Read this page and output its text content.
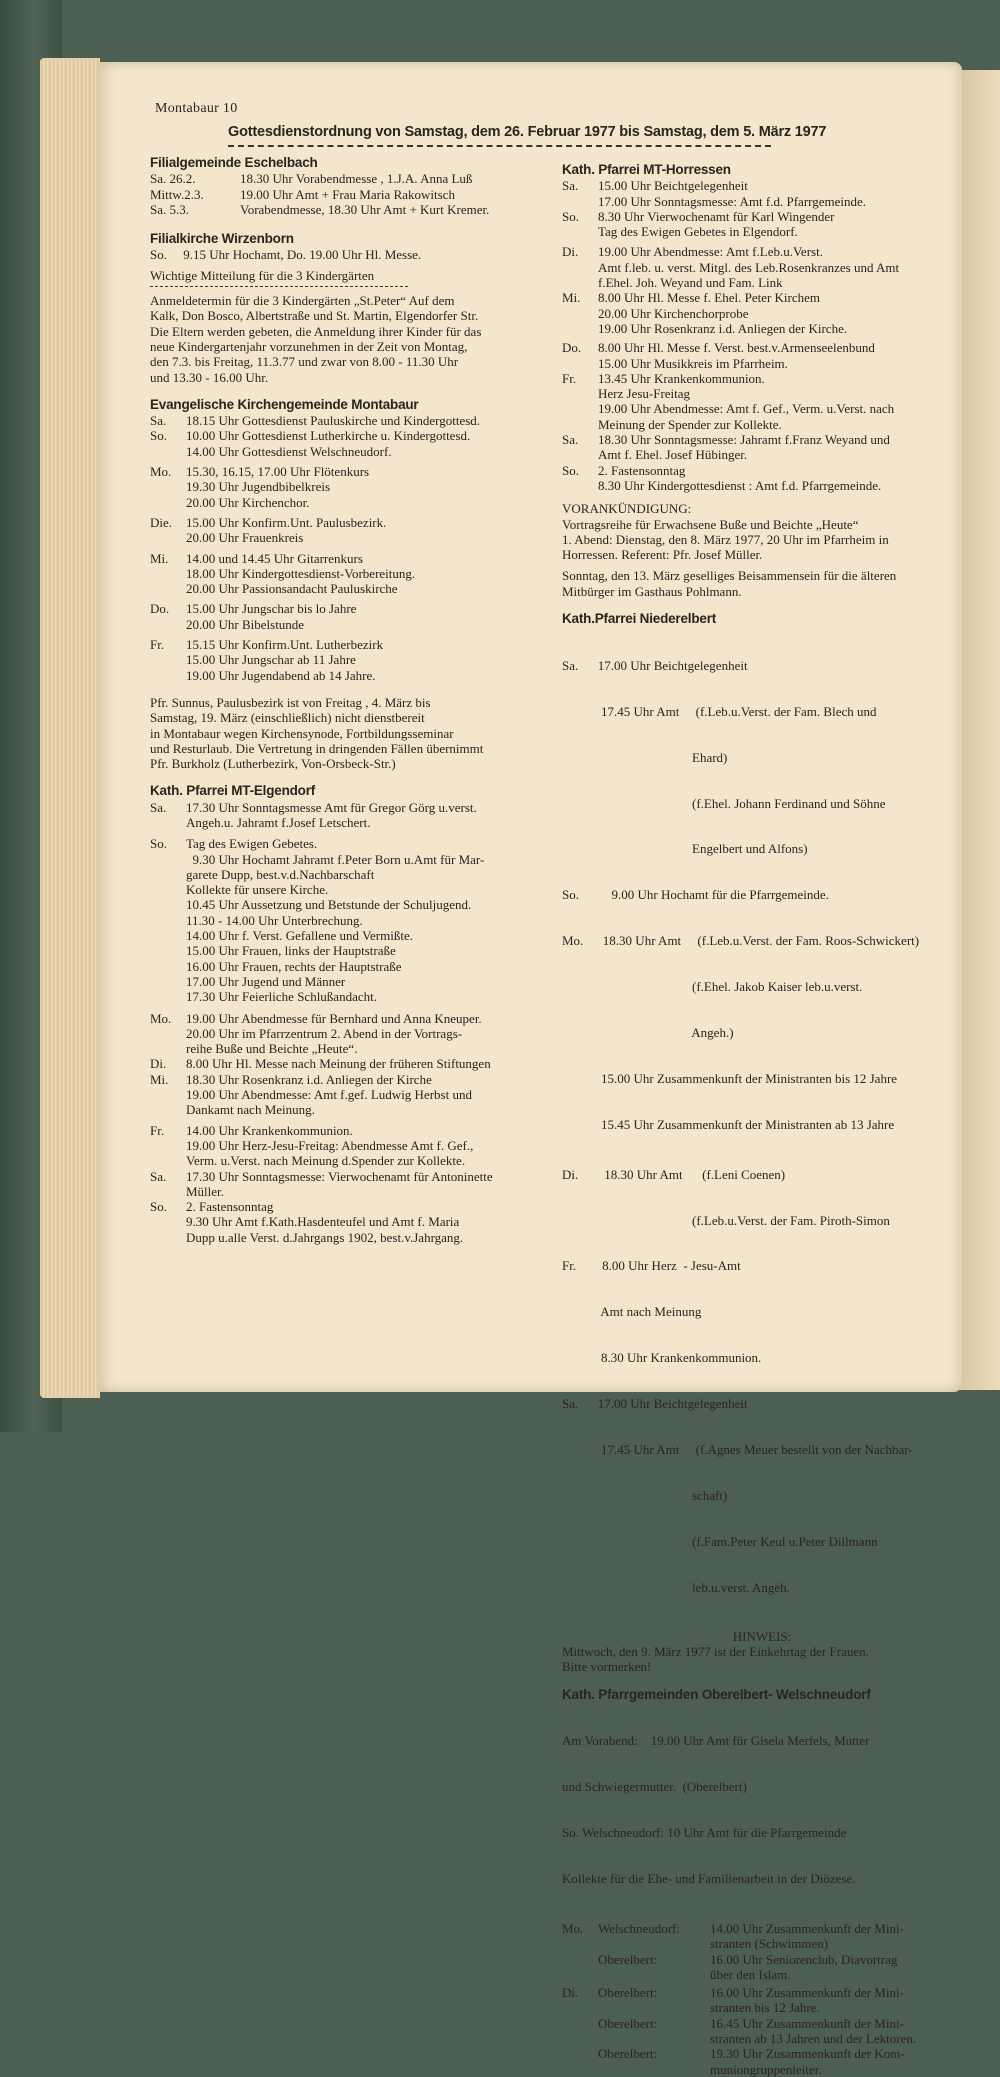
Montabaur 10
Gottesdienstordnung von Samstag, dem 26. Februar 1977 bis Samstag, dem 5. März 1977
Filialgemeinde Eschelbach
Sa. 26.2.	18.30 Uhr Vorabendmesse , 1.J.A. Anna Luß
Mittw.2.3.	19.00 Uhr Amt + Frau Maria Rakowitsch
Sa. 5.3.	Vorabendmesse, 18.30 Uhr Amt + Kurt Kremer.
Filialkirche Wirzenborn
So.     9.15 Uhr Hochamt, Do. 19.00 Uhr Hl. Messe.
Wichtige Mitteilung für die 3 Kindergärten
Anmeldetermin für die 3 Kindergärten „St.Peter“ Auf dem
Kalk, Don Bosco, Albertstraße und St. Martin, Elgendorfer Str.
Die Eltern werden gebeten, die Anmeldung ihrer Kinder für das
neue Kindergartenjahr vorzunehmen in der Zeit von Montag,
den 7.3. bis Freitag, 11.3.77 und zwar von 8.00 - 11.30 Uhr
und 13.30 - 16.00 Uhr.
Evangelische Kirchengemeinde Montabaur
Sa.	18.15 Uhr Gottesdienst Pauluskirche und Kindergottesd.
So.	10.00 Uhr Gottesdienst Lutherkirche u. Kindergottesd.
14.00 Uhr Gottesdienst Welschneudorf.
Mo.	15.30, 16.15, 17.00 Uhr Flötenkurs
19.30 Uhr Jugendbibelkreis
20.00 Uhr Kirchenchor.
Die.	15.00 Uhr Konfirm.Unt. Paulusbezirk.
20.00 Uhr Frauenkreis
Mi.	14.00 und 14.45 Uhr Gitarrenkurs
18.00 Uhr Kindergottesdienst-Vorbereitung.
20.00 Uhr Passionsandacht Pauluskirche
Do.	15.00 Uhr Jungschar bis lo Jahre
20.00 Uhr Bibelstunde
Fr.	15.15 Uhr Konfirm.Unt. Lutherbezirk
15.00 Uhr Jungschar ab 11 Jahre
19.00 Uhr Jugendabend ab 14 Jahre.
Pfr. Sunnus, Paulusbezirk ist von Freitag , 4. März bis
Samstag, 19. März (einschließlich) nicht dienstbereit
in Montabaur wegen Kirchensynode, Fortbildungsseminar
und Resturlaub. Die Vertretung in dringenden Fällen übernimmt
Pfr. Burkholz (Lutherbezirk, Von-Orsbeck-Str.)
Kath. Pfarrei MT-Elgendorf
Sa.	17.30 Uhr Sonntagsmesse Amt für Gregor Görg u.verst.
Angeh.u. Jahramt f.Josef Letschert.
So.	Tag des Ewigen Gebetes.
9.30 Uhr Hochamt Jahramt f.Peter Born u.Amt für Mar-
garete Dupp, best.v.d.Nachbarschaft
Kollekte für unsere Kirche.
10.45 Uhr Aussetzung und Betstunde der Schuljugend.
11.30 - 14.00 Uhr Unterbrechung.
14.00 Uhr f. Verst. Gefallene und Vermißte.
15.00 Uhr Frauen, links der Hauptstraße
16.00 Uhr Frauen, rechts der Hauptstraße
17.00 Uhr Jugend und Männer
17.30 Uhr Feierliche Schlußandacht.
Mo.	19.00 Uhr Abendmesse für Bernhard und Anna Kneuper.
20.00 Uhr im Pfarrzentrum 2. Abend in der Vortrags-
reihe Buße und Beichte „Heute“.
Di.	8.00 Uhr Hl. Messe nach Meinung der früheren Stiftungen
Mi.	18.30 Uhr Rosenkranz i.d. Anliegen der Kirche
19.00 Uhr Abendmesse: Amt f.gef. Ludwig Herbst und
Dankamt nach Meinung.
Fr.	14.00 Uhr Krankenkommunion.
19.00 Uhr Herz-Jesu-Freitag: Abendmesse Amt f. Gef.,
Verm. u.Verst. nach Meinung d.Spender zur Kollekte.
Sa.	17.30 Uhr Sonntagsmesse: Vierwochenamt für Antoninette
Müller.
So.	2. Fastensonntag
9.30 Uhr Amt f.Kath.Hasdenteufel und Amt f. Maria
Dupp u.alle Verst. d.Jahrgangs 1902, best.v.Jahrgang.
Kath. Pfarrei MT-Horressen
Sa.	15.00 Uhr Beichtgelegenheit
17.00 Uhr Sonntagsmesse: Amt f.d. Pfarrgemeinde.
So.	8.30 Uhr Vierwochenamt für Karl Wingender
Tag des Ewigen Gebetes in Elgendorf.
Di.	19.00 Uhr Abendmesse: Amt f.Leb.u.Verst.
Amt f.leb. u. verst. Mitgl. des Leb.Rosenkranzes und Amt
f.Ehel. Joh. Weyand und Fam. Link
Mi.	8.00 Uhr Hl. Messe f. Ehel. Peter Kirchem
20.00 Uhr Kirchenchorprobe
19.00 Uhr Rosenkranz i.d. Anliegen der Kirche.
Do.	8.00 Uhr Hl. Messe f. Verst. best.v.Armenseelenbund
15.00 Uhr Musikkreis im Pfarrheim.
Fr.	13.45 Uhr Krankenkommunion.
Herz Jesu-Freitag
19.00 Uhr Abendmesse: Amt f. Gef., Verm. u.Verst. nach
Meinung der Spender zur Kollekte.
Sa.	18.30 Uhr Sonntagsmesse: Jahramt f.Franz Weyand und
Amt f. Ehel. Josef Hübinger.
So.	2. Fastensonntag
8.30 Uhr Kindergottesdienst : Amt f.d. Pfarrgemeinde.
VORANKÜNDIGUNG:
Vortragsreihe für Erwachsene Buße und Beichte „Heute“
1. Abend: Dienstag, den 8. März 1977, 20 Uhr im Pfarrheim in
Horressen. Referent: Pfr. Josef Müller.
Sonntag, den 13. März geselliges Beisammensein für die älteren
Mitbürger im Gasthaus Pohlmann.
Kath.Pfarrei Niederelbert

Sa.      17.00 Uhr Beichtgelegenheit

17.45 Uhr Amt     (f.Leb.u.Verst. der Fam. Blech und

Ehard)

(f.Ehel. Johann Ferdinand und Söhne

Engelbert und Alfons)

So.          9.00 Uhr Hochamt für die Pfarrgemeinde.

Mo.      18.30 Uhr Amt     (f.Leb.u.Verst. der Fam. Roos-Schwickert)

(f.Ehel. Jakob Kaiser leb.u.verst.

Angeh.)

15.00 Uhr Zusammenkunft der Ministranten bis 12 Jahre

15.45 Uhr Zusammenkunft der Ministranten ab 13 Jahre

Di.        18.30 Uhr Amt      (f.Leni Coenen)

(f.Leb.u.Verst. der Fam. Piroth-Simon

Fr.        8.00 Uhr Herz  - Jesu-Amt

Amt nach Meinung

8.30 Uhr Krankenkommunion.

Sa.      17.00 Uhr Beichtgelegenheit

17.45 Uhr Amt     (f.Agnes Meuer bestellt von der Nachbar-

schaft)

(f.Fam.Peter Keul u.Peter Dillmann

leb.u.verst. Angeh.

HINWEIS:
Mittwoch, den 9. März 1977 ist der Einkehrtag der Frauen.
Bitte vormerken!
Kath. Pfarrgemeinden Oberelbert- Welschneudorf

Am Vorabend:    19.00 Uhr Amt für Gisela Merfels, Mutter

und Schwiegermutter.  (Oberelbert)

So. Welschneudorf: 10 Uhr Amt für die Pfarrgemeinde

Kollekte für die Ehe- und Familienarbeit in der Diözese.

Mo.	Welschneudorf:	14.00 Uhr Zusammenkunft der Mini-
stranten (Schwimmen)
Oberelbert:	16.00 Uhr Seniorenclub, Diavortrag
über den Islam.
Di.	Oberelbert:	16.00 Uhr Zusammenkunft der Mini-
stranten bis 12 Jahre.
Oberelbert:	16.45 Uhr Zusammenkunft der Mini-
stranten ab 13 Jahren und der Lektoren.
Oberelbert:	19.30 Uhr Zusammenkunft der Kom-
muniongruppenleiter.
